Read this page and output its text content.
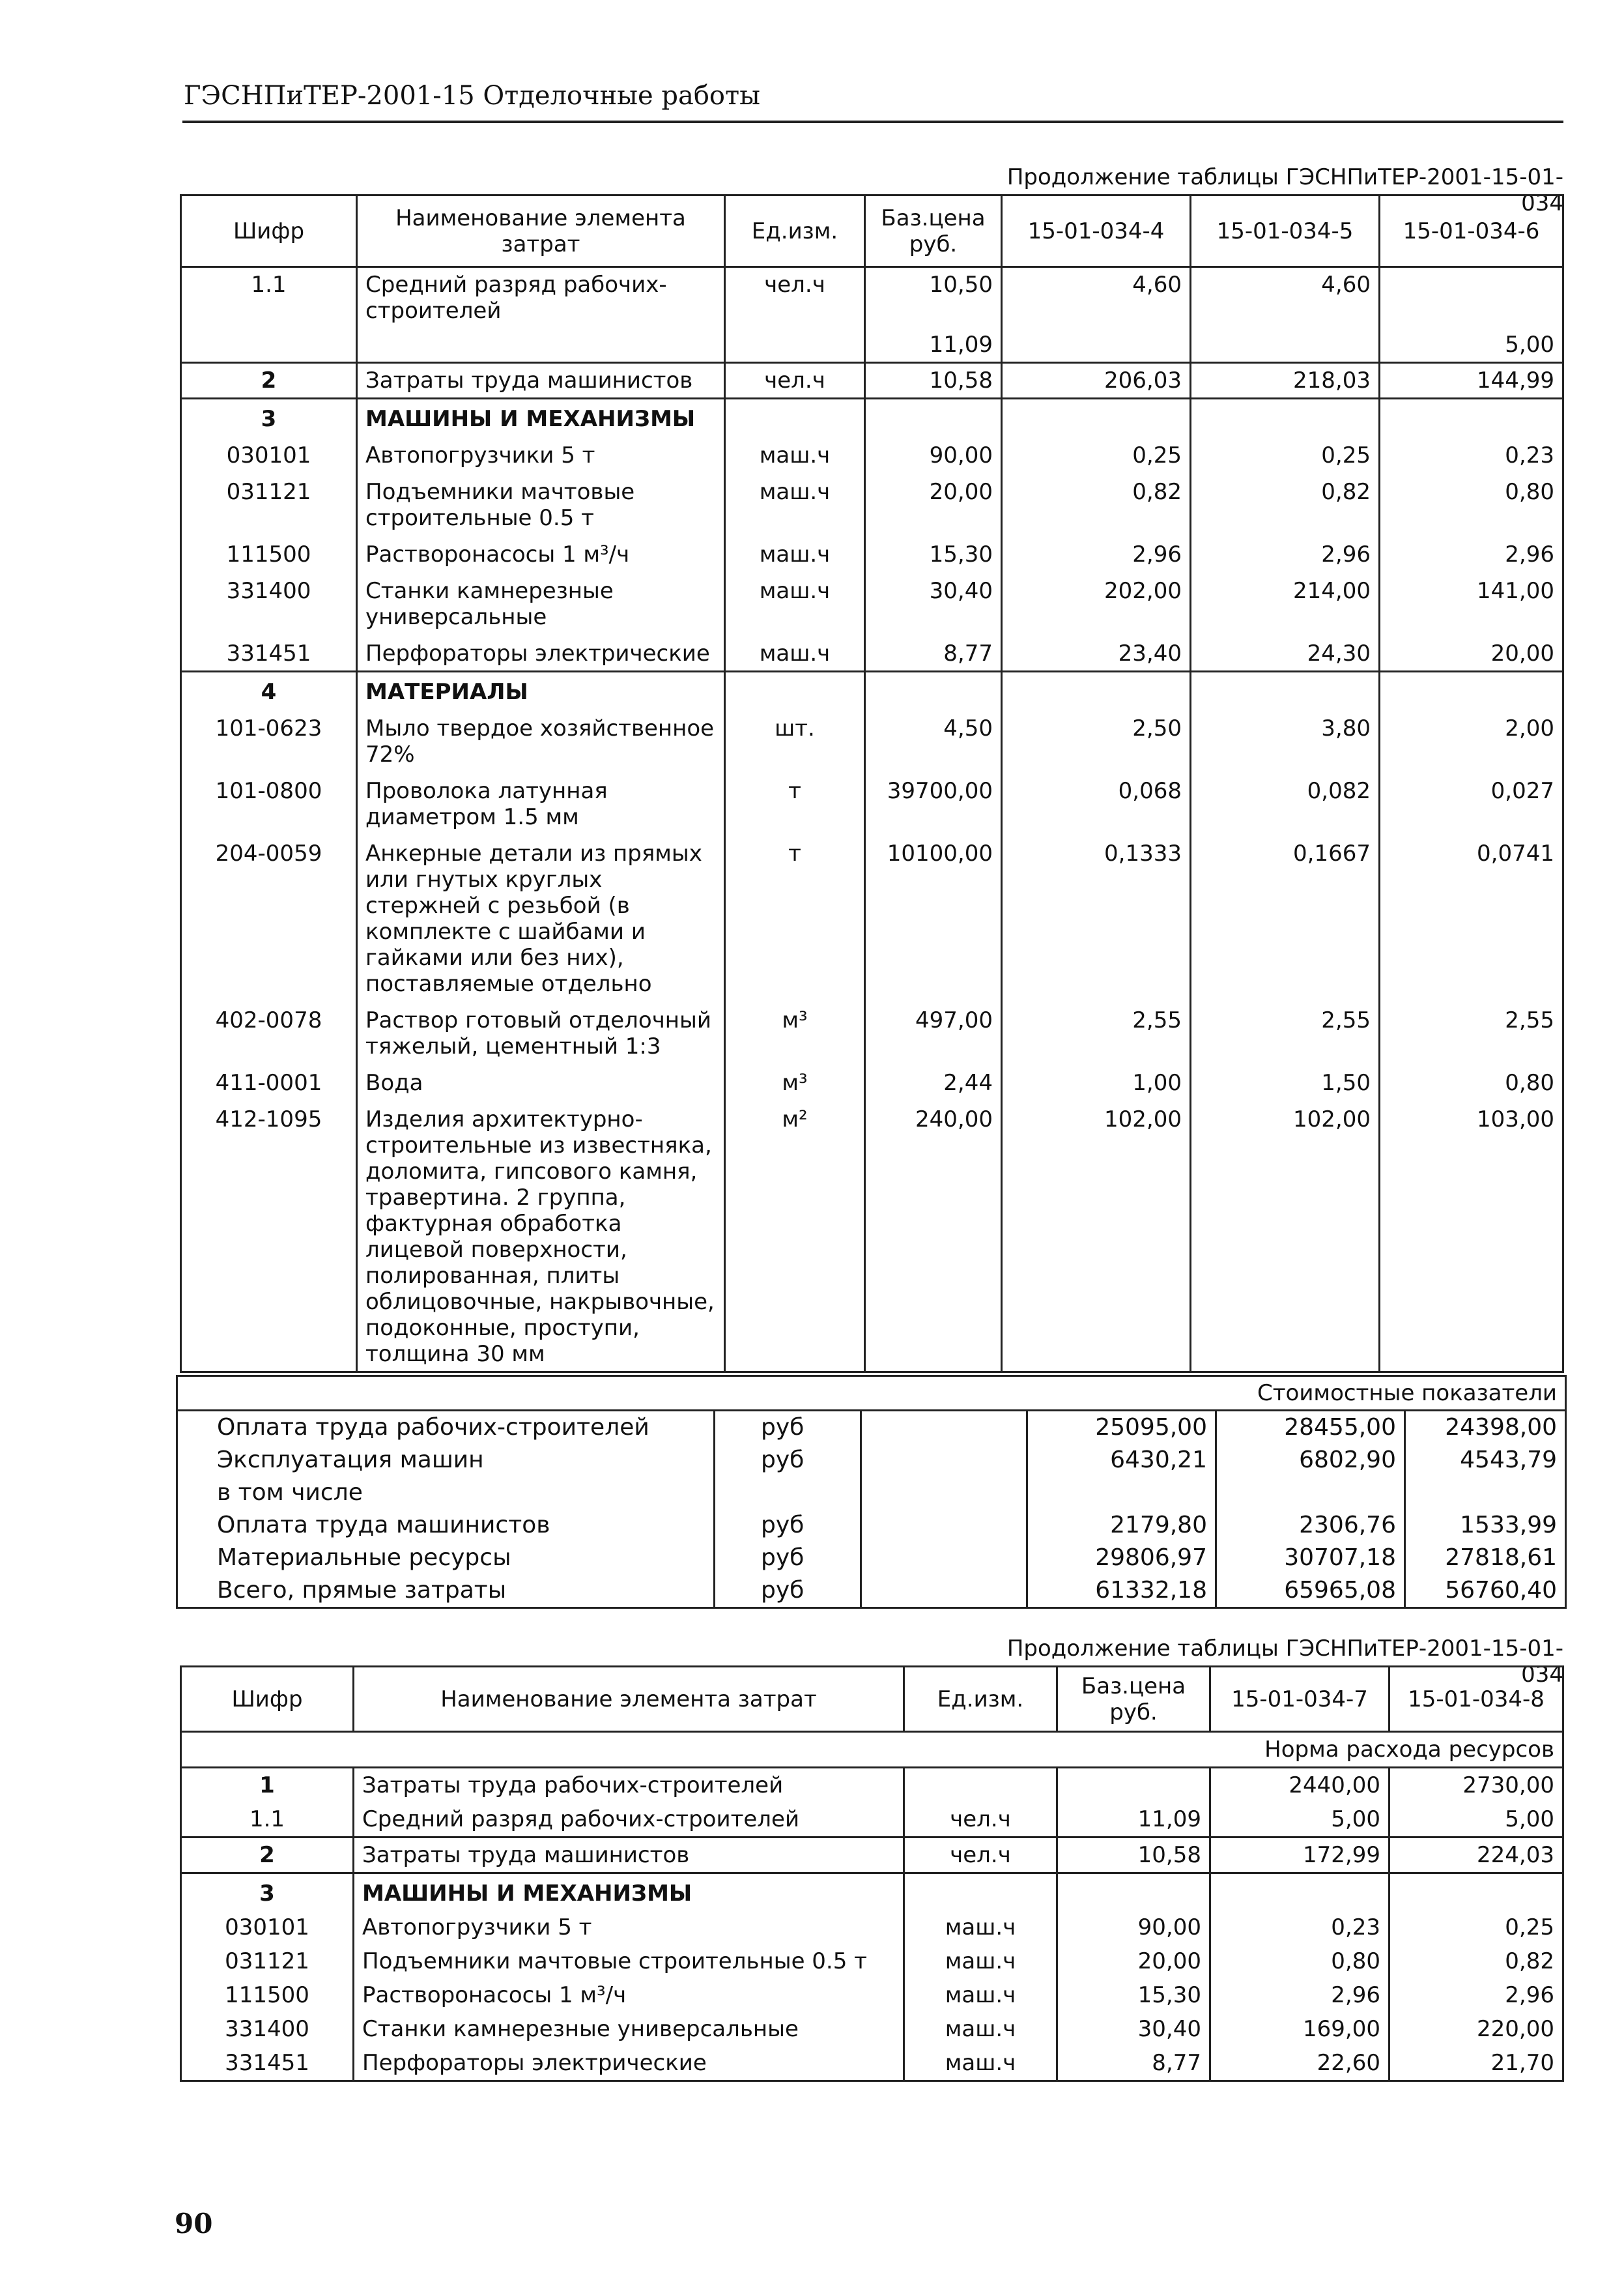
ГЭСНПиТЕР-2001-15 Отделочные работы
Продолжение таблицы ГЭСНПиТЕР-2001-15-01-034
Шифр	Наименование элемента затрат	Ед.изм.	Баз.цена руб.	15-01-034-4	15-01-034-5	15-01-034-6
1.1	Средний разряд рабочих-строителей	чел.ч	10,50	4,60	4,60	
			11,09			5,00
2	Затраты труда машинистов	чел.ч	10,58	206,03	218,03	144,99
3	МАШИНЫ И МЕХАНИЗМЫ					
030101	Автопогрузчики 5 т	маш.ч	90,00	0,25	0,25	0,23
031121	Подъемники мачтовые строительные 0.5 т	маш.ч	20,00	0,82	0,82	0,80
111500	Растворонасосы 1 м³/ч	маш.ч	15,30	2,96	2,96	2,96
331400	Станки камнерезные универсальные	маш.ч	30,40	202,00	214,00	141,00
331451	Перфораторы электрические	маш.ч	8,77	23,40	24,30	20,00
4	МАТЕРИАЛЫ					
101-0623	Мыло твердое хозяйственное 72%	шт.	4,50	2,50	3,80	2,00
101-0800	Проволока латунная диаметром 1.5 мм	т	39700,00	0,068	0,082	0,027
204-0059	Анкерные детали из прямых или гнутых круглых стержней с резьбой (в комплекте с шайбами и гайками или без них), поставляемые отдельно	т	10100,00	0,1333	0,1667	0,0741
402-0078	Раствор готовый отделочный тяжелый, цементный 1:3	м³	497,00	2,55	2,55	2,55
411-0001	Вода	м³	2,44	1,00	1,50	0,80
412-1095	Изделия архитектурно-строительные из известняка, доломита, гипсового камня, травертина. 2 группа, фактурная обработка лицевой поверхности, полированная, плиты облицовочные, накрывочные, подоконные, проступи, толщина 30 мм	м²	240,00	102,00	102,00	103,00
Стоимостные показатели					
Оплата труда рабочих-строителей	руб		25095,00	28455,00	24398,00
Эксплуатация машин	руб		6430,21	6802,90	4543,79
в том числе					
Оплата труда машинистов	руб		2179,80	2306,76	1533,99
Материальные ресурсы	руб		29806,97	30707,18	27818,61
Всего, прямые затраты	руб		61332,18	65965,08	56760,40
Продолжение таблицы ГЭСНПиТЕР-2001-15-01-034
Шифр	Наименование элемента затрат	Ед.изм.	Баз.цена руб.	15-01-034-7	15-01-034-8
Норма расхода ресурсов					
1	Затраты труда рабочих-строителей			2440,00	2730,00
1.1	Средний разряд рабочих-строителей	чел.ч	11,09	5,00	5,00
2	Затраты труда машинистов	чел.ч	10,58	172,99	224,03
3	МАШИНЫ И МЕХАНИЗМЫ				
030101	Автопогрузчики 5 т	маш.ч	90,00	0,23	0,25
031121	Подъемники мачтовые строительные 0.5 т	маш.ч	20,00	0,80	0,82
111500	Растворонасосы 1 м³/ч	маш.ч	15,30	2,96	2,96
331400	Станки камнерезные универсальные	маш.ч	30,40	169,00	220,00
331451	Перфораторы электрические	маш.ч	8,77	22,60	21,70
90
